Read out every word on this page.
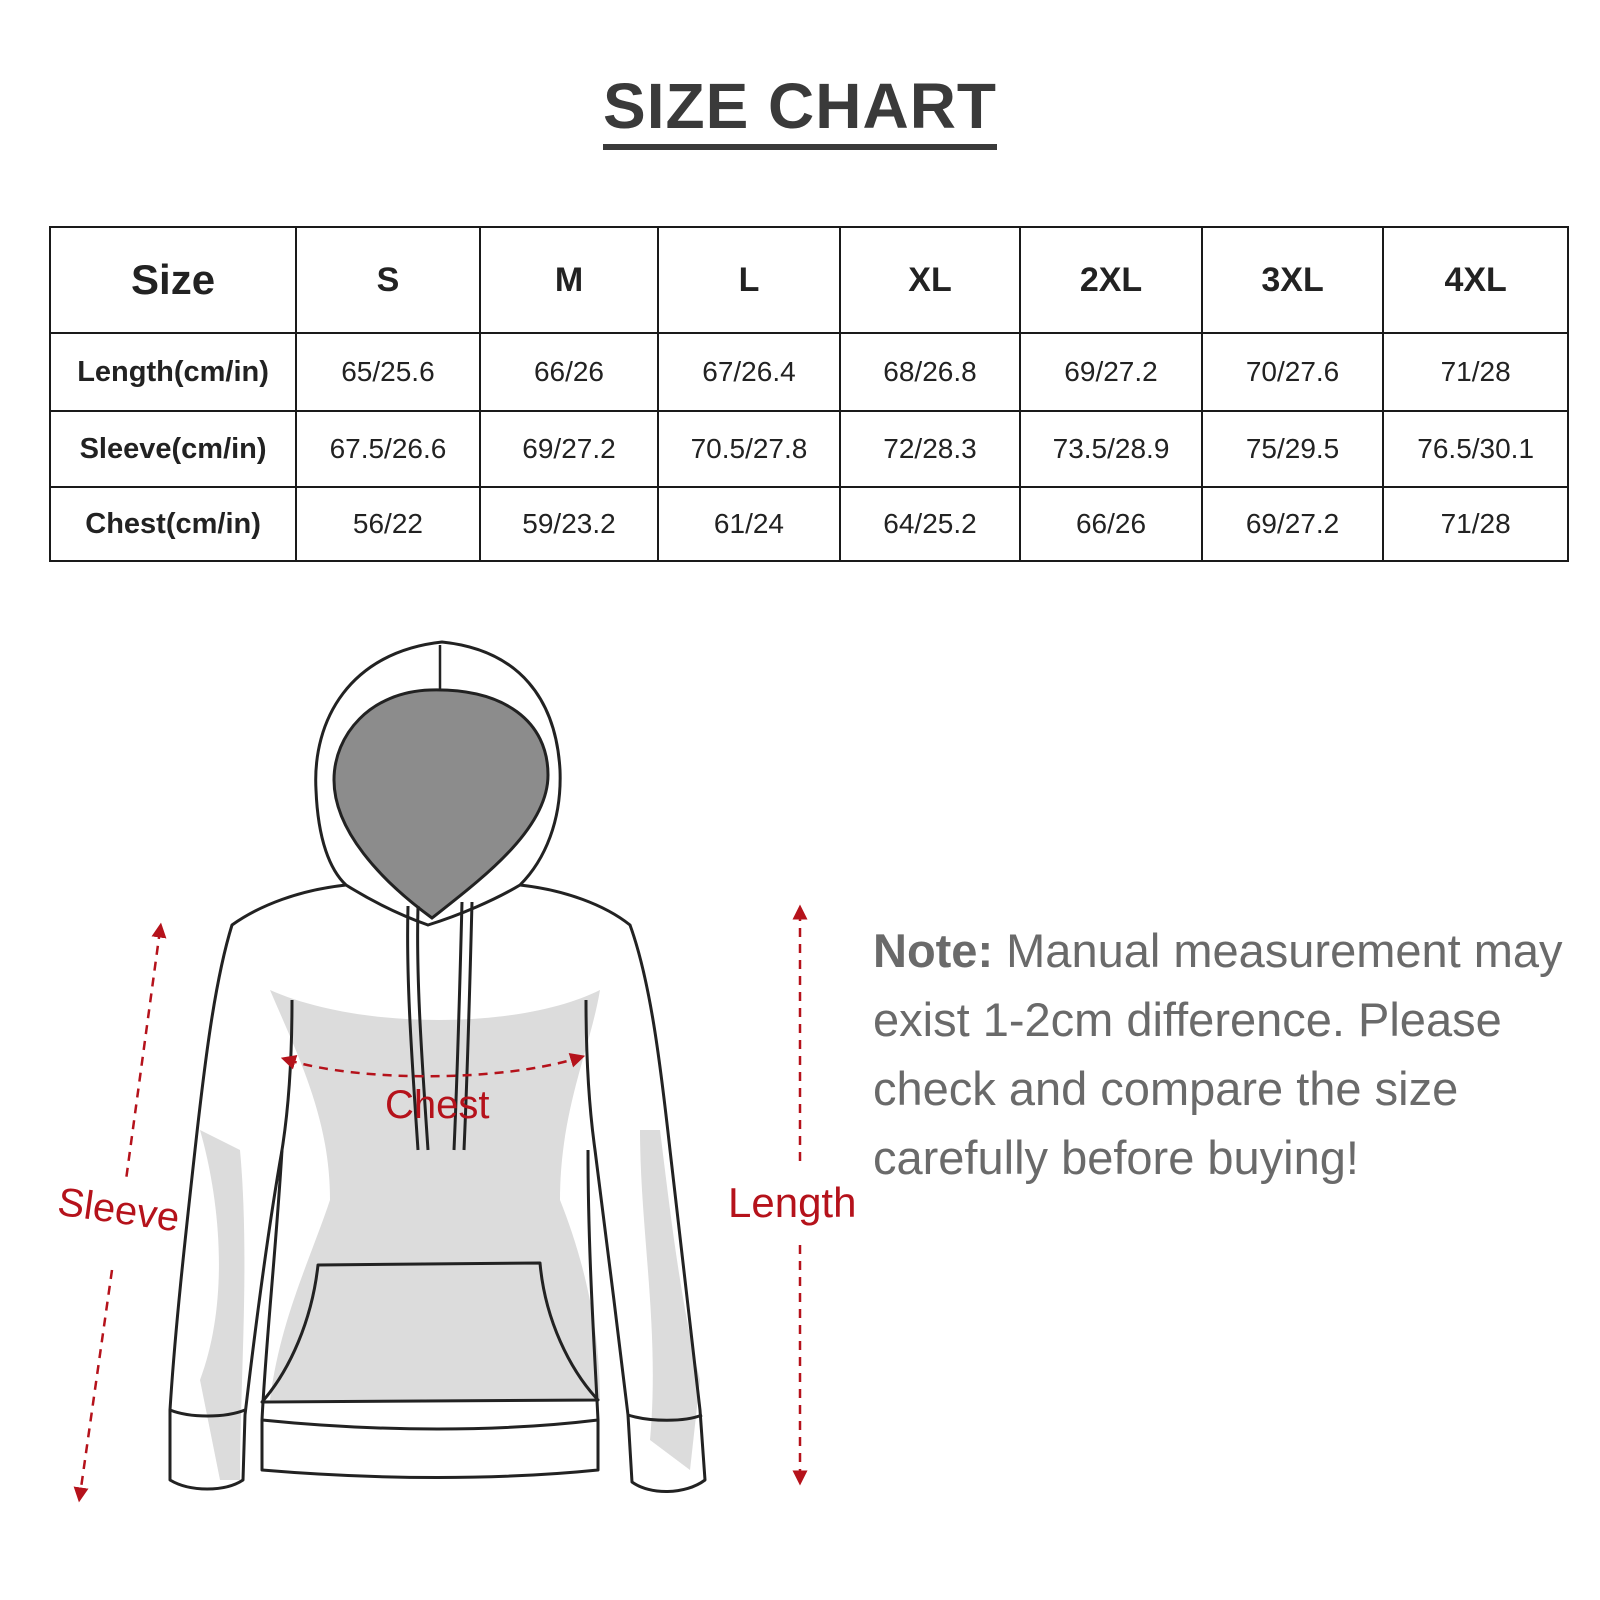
SIZE CHART
Size	S	M	L	XL	2XL	3XL	4XL
Length(cm/in)	65/25.6	66/26	67/26.4	68/26.8	69/27.2	70/27.6	71/28
Sleeve(cm/in)	67.5/26.6	69/27.2	70.5/27.8	72/28.3	73.5/28.9	75/29.5	76.5/30.1
Chest(cm/in)	56/22	59/23.2	61/24	64/25.2	66/26	69/27.2	71/28
Chest
Sleeve	Length
Note: Manual measurement may exist 1-2cm difference. Please check and compare the size carefully before buying!
